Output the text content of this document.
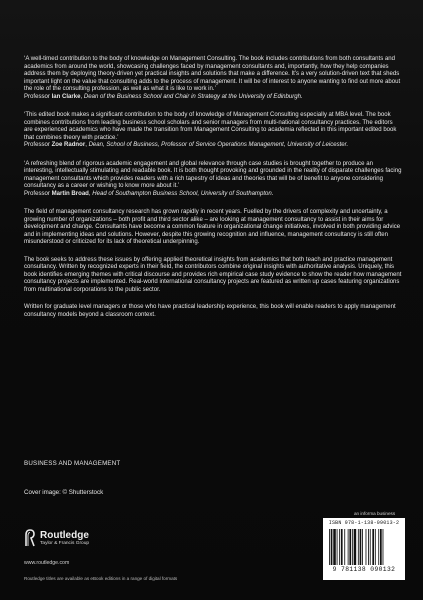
‘A well-timed contribution to the body of knowledge on Management Consulting. The book includes contributions from both consultants and academics from around the world, showcasing challenges faced by management consultants and, importantly, how they help companies address them by deploying theory-driven yet practical insights and solutions that make a difference. It’s a very solution-driven text that sheds important light on the value that consulting adds to the process of management. It will be of interest to anyone wanting to find out more about the role of the consulting profession, as well as what it is like to work in.’

Professor Ian Clarke, Dean of the Business School and Chair in Strategy at the University of Edinburgh.

‘This edited book makes a significant contribution to the body of knowledge of Management Consulting especially at MBA level. The book combines contributions from leading business school scholars and senior managers from multi-national consultancy practices. The editors are experienced academics who have made the transition from Management Consulting to academia reflected in this important edited book that combines theory with practice.’

Professor Zoe Radnor, Dean, School of Business, Professor of Service Operations Management, University of Leicester.

‘A refreshing blend of rigorous academic engagement and global relevance through case studies is brought together to produce an interesting, intellectually stimulating and readable book. It is both thought provoking and grounded in the reality of disparate challenges facing management consultants which provides readers with a rich tapestry of ideas and theories that will be of benefit to anyone considering consultancy as a career or wishing to know more about it.’

Professor Martin Broad, Head of Southampton Business School, University of Southampton.

The field of management consultancy research has grown rapidly in recent years. Fuelled by the drivers of complexity and uncertainty, a growing number of organizations – both profit and third sector alike – are looking at management consultancy to assist in their aims for development and change. Consultants have become a common feature in organizational change initiatives, involved in both providing advice and in implementing ideas and solutions. However, despite this growing recognition and influence, management consultancy is still often misunderstood or criticized for its lack of theoretical underpinning.

The book seeks to address these issues by offering applied theoretical insights from academics that both teach and practice management consultancy. Written by recognized experts in their field, the contributors combine original insights with authoritative analysis. Uniquely, this book identifies emerging themes with critical discourse and provides rich empirical case study evidence to show the reader how management consultancy projects are implemented. Real-world international consultancy projects are featured as written up cases featuring organizations from multinational corporations to the public sector.

Written for graduate level managers or those who have practical leadership experience, this book will enable readers to apply management consultancy models beyond a classroom context.

BUSINESS AND MANAGEMENT
Cover image: © Shutterstock
an informa business
Routledge
Taylor & Francis Group
www.routledge.com
Routledge titles are available as eBook editions in a range of digital formats
ISBN 978-1-138-09013-2
9 781138 090132
